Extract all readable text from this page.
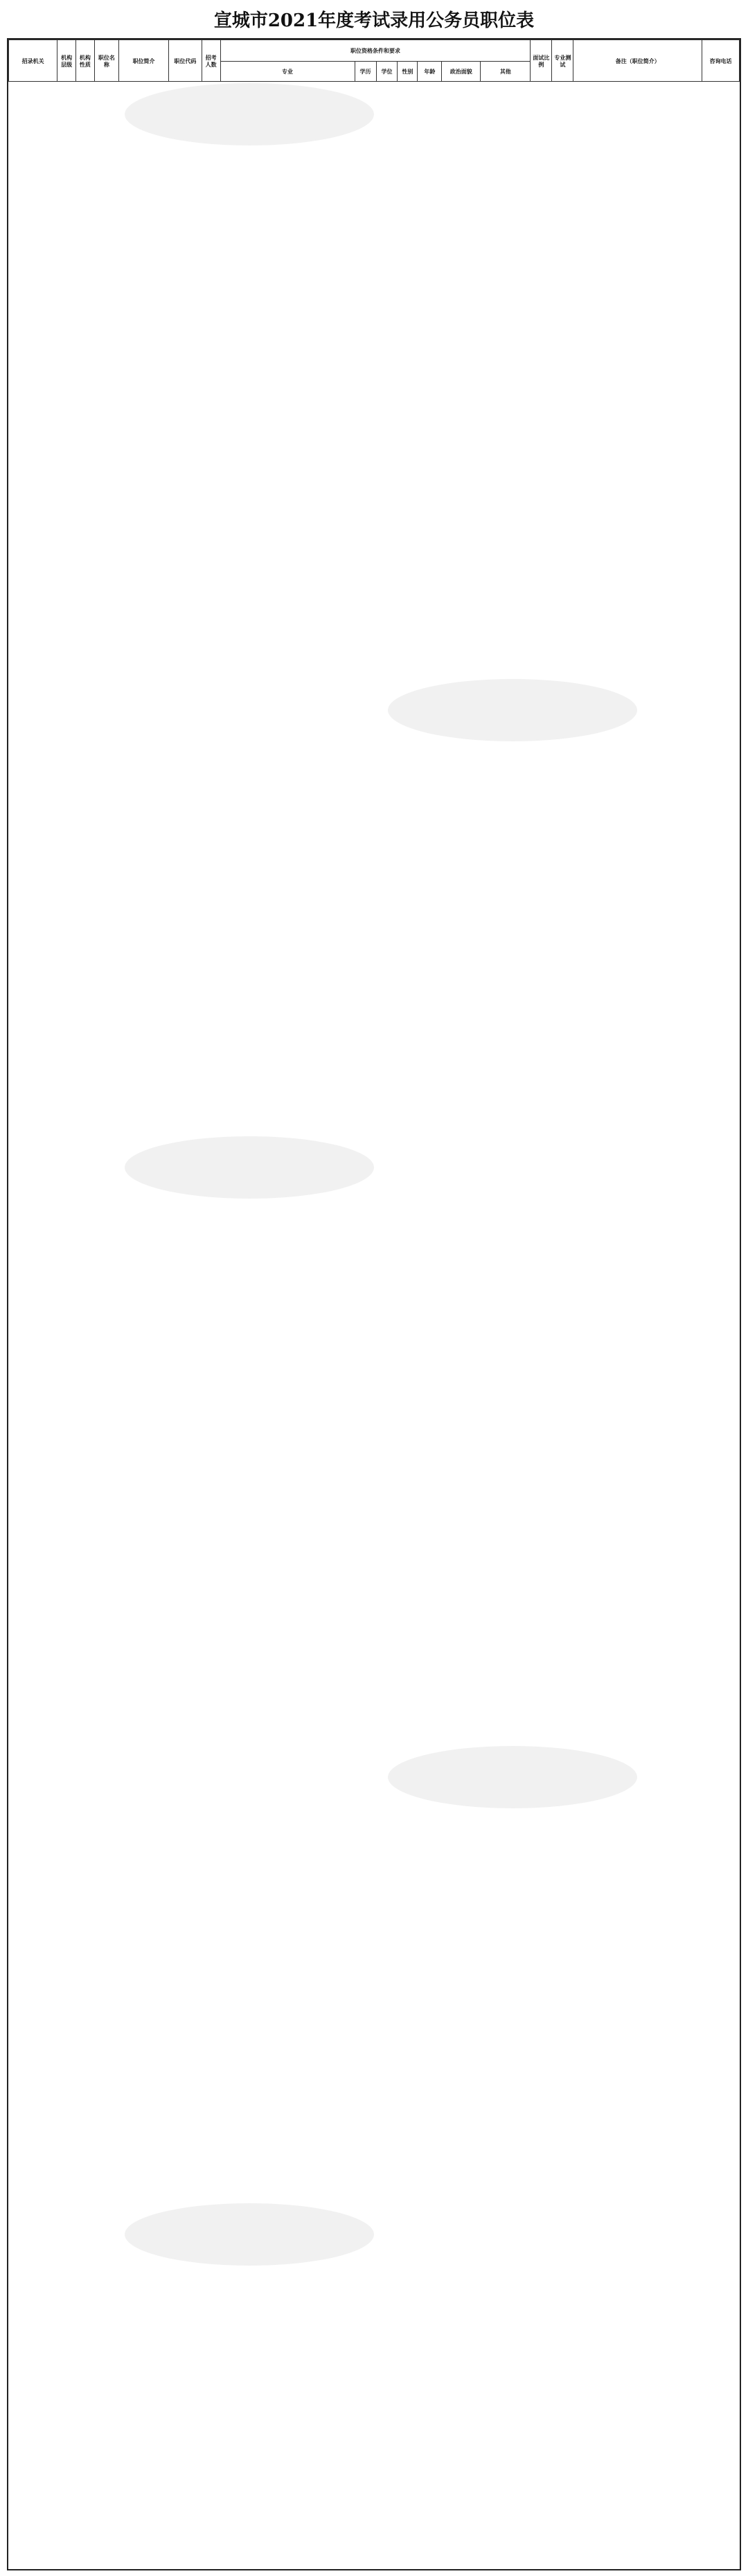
宣城市2021年度考试录用公务员职位表
招录机关	机构层级	机构性质	职位名称	职位简介	职位代码	招考人数	职位资格条件和要求							面试比例	专业测试	备注（职位简介）	咨询电话
							专业	学历	学位	性别	年龄	政治面貌	其他				
